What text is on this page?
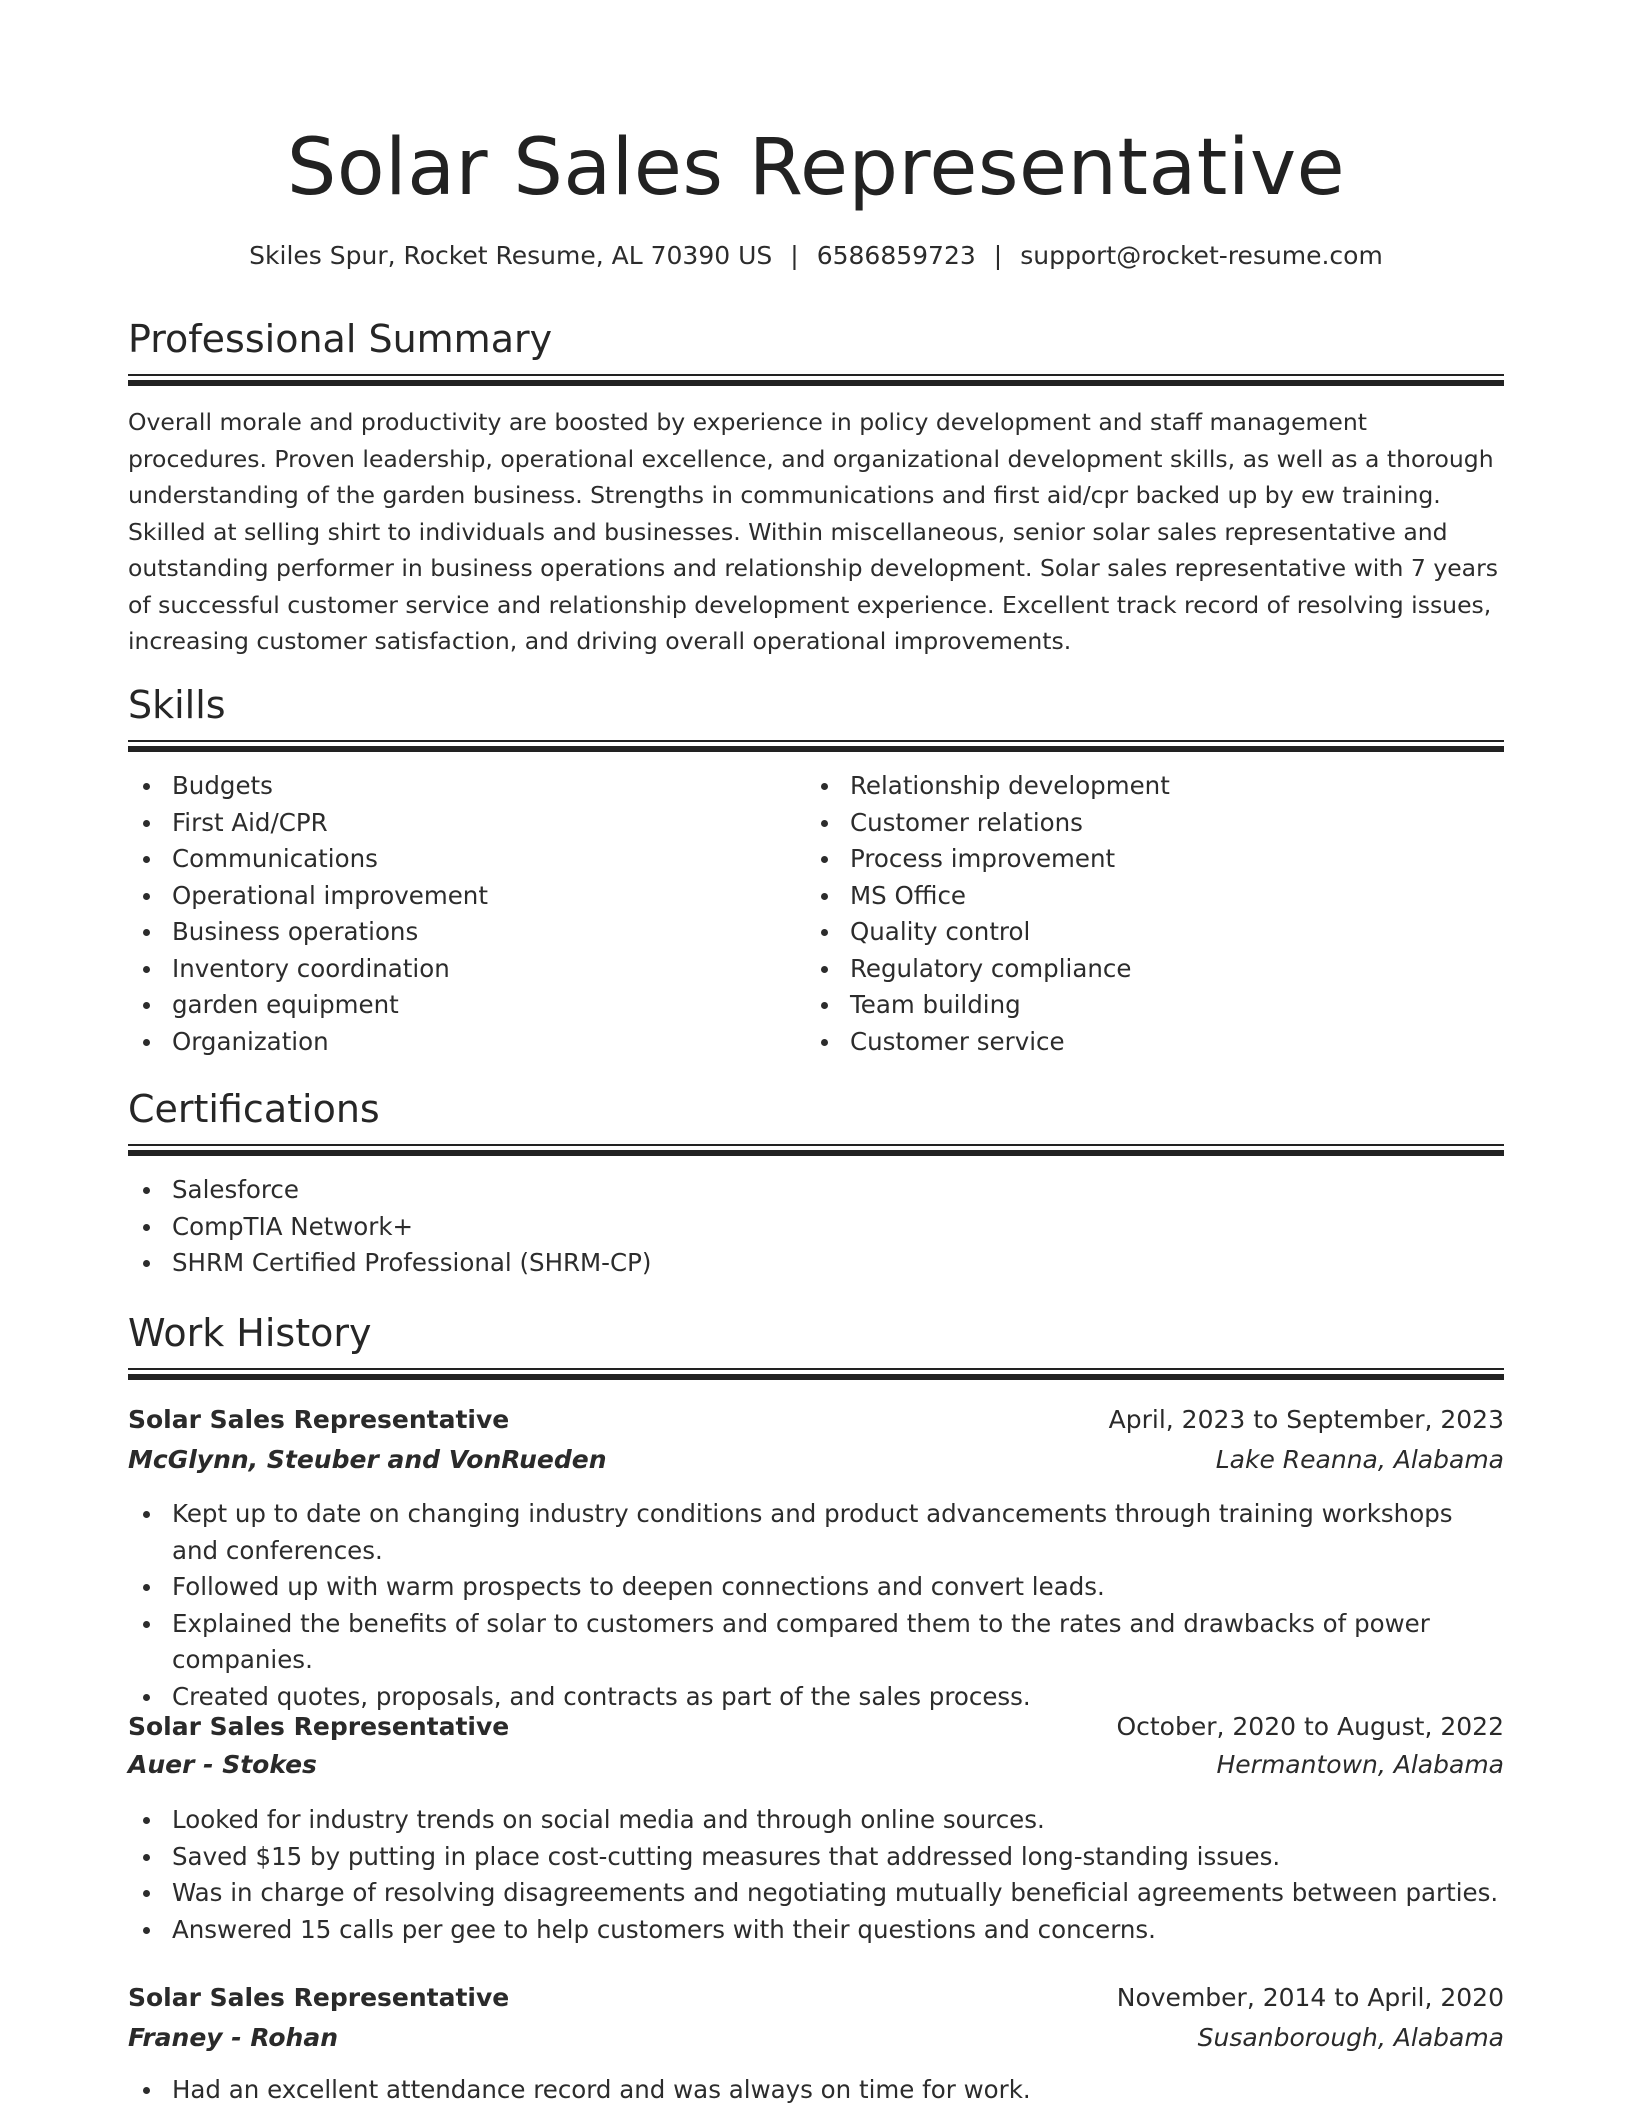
Solar Sales Representative
Skiles Spur, Rocket Resume, AL 70390 US | 6586859723 | support@rocket-resume.com
Professional Summary

Overall morale and productivity are boosted by experience in policy development and staff management procedures. Proven leadership, operational excellence, and organizational development skills, as well as a thorough understanding of the garden business. Strengths in communications and first aid/cpr backed up by ew training. Skilled at selling shirt to individuals and businesses. Within miscellaneous, senior solar sales representative and outstanding performer in business operations and relationship development. Solar sales representative with 7 years of successful customer service and relationship development experience. Excellent track record of resolving issues, increasing customer satisfaction, and driving overall operational improvements.

Skills
Budgets
First Aid/CPR
Communications
Operational improvement
Business operations
Inventory coordination
garden equipment
Organization
Relationship development
Customer relations
Process improvement
MS Office
Quality control
Regulatory compliance
Team building
Customer service
Certifications
Salesforce
CompTIA Network+
SHRM Certified Professional (SHRM-CP)
Work History
Solar Sales Representative	April, 2023 to September, 2023
McGlynn, Steuber and VonRueden	Lake Reanna, Alabama
Kept up to date on changing industry conditions and product advancements through training workshops and conferences.
Followed up with warm prospects to deepen connections and convert leads.
Explained the benefits of solar to customers and compared them to the rates and drawbacks of power companies.
Created quotes, proposals, and contracts as part of the sales process.
Solar Sales Representative	October, 2020 to August, 2022
Auer - Stokes	Hermantown, Alabama
Looked for industry trends on social media and through online sources.
Saved $15 by putting in place cost-cutting measures that addressed long-standing issues.
Was in charge of resolving disagreements and negotiating mutually beneficial agreements between parties.
Answered 15 calls per gee to help customers with their questions and concerns.
Solar Sales Representative	November, 2014 to April, 2020
Franey - Rohan	Susanborough, Alabama
Had an excellent attendance record and was always on time for work.
